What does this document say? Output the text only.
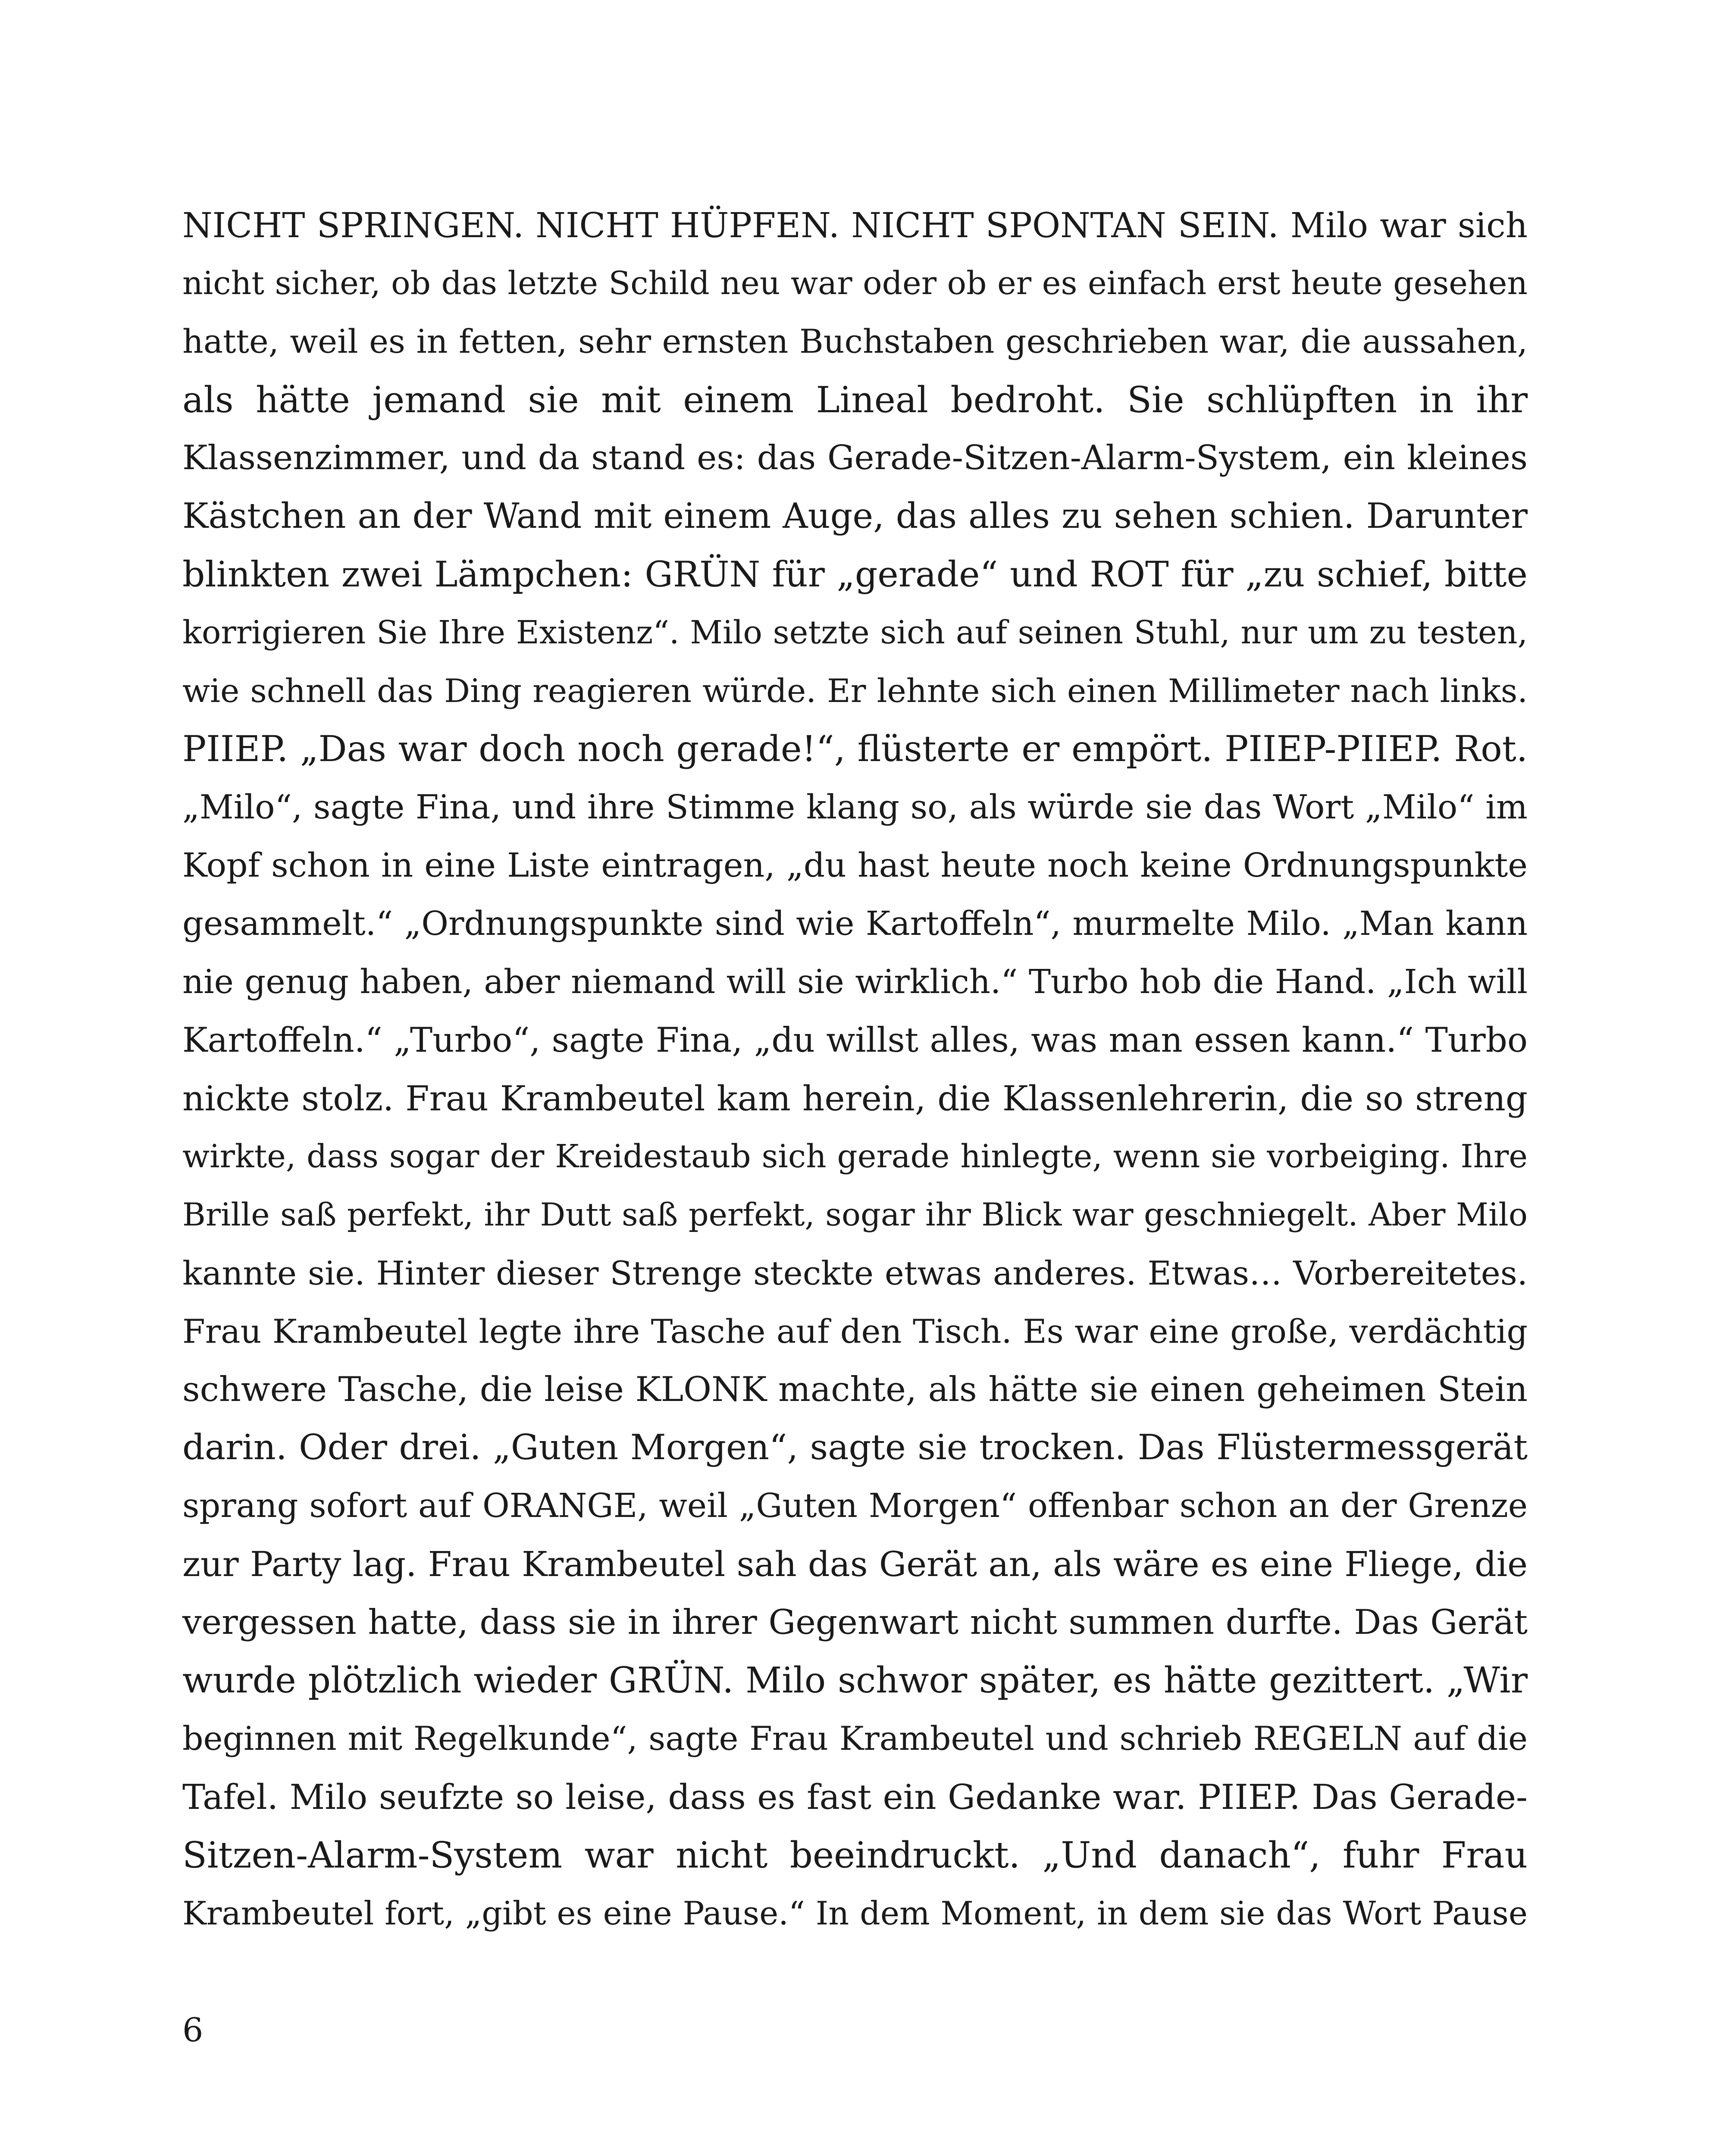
NICHT SPRINGEN. NICHT HÜPFEN. NICHT SPONTAN SEIN. Milo war sich
nicht sicher, ob das letzte Schild neu war oder ob er es einfach erst heute gesehen
hatte, weil es in fetten, sehr ernsten Buchstaben geschrieben war, die aussahen,
als hätte jemand sie mit einem Lineal bedroht. Sie schlüpften in ihr
Klassenzimmer, und da stand es: das Gerade-Sitzen-Alarm-System, ein kleines
Kästchen an der Wand mit einem Auge, das alles zu sehen schien. Darunter
blinkten zwei Lämpchen: GRÜN für „gerade“ und ROT für „zu schief, bitte
korrigieren Sie Ihre Existenz“. Milo setzte sich auf seinen Stuhl, nur um zu testen,
wie schnell das Ding reagieren würde. Er lehnte sich einen Millimeter nach links.
PIIEP. „Das war doch noch gerade!“, flüsterte er empört. PIIEP-PIIEP. Rot.
„Milo“, sagte Fina, und ihre Stimme klang so, als würde sie das Wort „Milo“ im
Kopf schon in eine Liste eintragen, „du hast heute noch keine Ordnungspunkte
gesammelt.“ „Ordnungspunkte sind wie Kartoffeln“, murmelte Milo. „Man kann
nie genug haben, aber niemand will sie wirklich.“ Turbo hob die Hand. „Ich will
Kartoffeln.“ „Turbo“, sagte Fina, „du willst alles, was man essen kann.“ Turbo
nickte stolz. Frau Krambeutel kam herein, die Klassenlehrerin, die so streng
wirkte, dass sogar der Kreidestaub sich gerade hinlegte, wenn sie vorbeiging. Ihre
Brille saß perfekt, ihr Dutt saß perfekt, sogar ihr Blick war geschniegelt. Aber Milo
kannte sie. Hinter dieser Strenge steckte etwas anderes. Etwas… Vorbereitetes.
Frau Krambeutel legte ihre Tasche auf den Tisch. Es war eine große, verdächtig
schwere Tasche, die leise KLONK machte, als hätte sie einen geheimen Stein
darin. Oder drei. „Guten Morgen“, sagte sie trocken. Das Flüstermessgerät
sprang sofort auf ORANGE, weil „Guten Morgen“ offenbar schon an der Grenze
zur Party lag. Frau Krambeutel sah das Gerät an, als wäre es eine Fliege, die
vergessen hatte, dass sie in ihrer Gegenwart nicht summen durfte. Das Gerät
wurde plötzlich wieder GRÜN. Milo schwor später, es hätte gezittert. „Wir
beginnen mit Regelkunde“, sagte Frau Krambeutel und schrieb REGELN auf die
Tafel. Milo seufzte so leise, dass es fast ein Gedanke war. PIIEP. Das Gerade-
Sitzen-Alarm-System war nicht beeindruckt. „Und danach“, fuhr Frau
Krambeutel fort, „gibt es eine Pause.“ In dem Moment, in dem sie das Wort Pause
6
